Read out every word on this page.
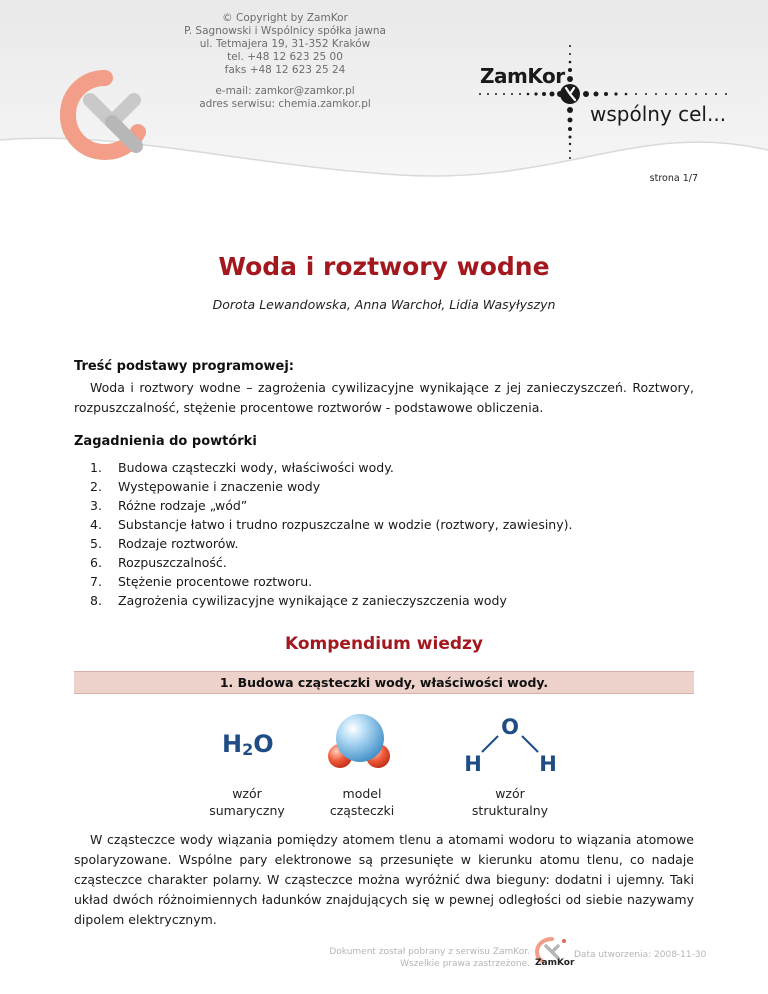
© Copyright by ZamKor
P. Sagnowski i Wspólnicy spółka jawna
ul. Tetmajera 19, 31-352 Kraków
tel. +48 12 623 25 00
faks +48 12 623 25 24
e-mail: zamkor@zamkor.pl
adres serwisu: chemia.zamkor.pl
ZamKor
wspólny cel...
strona 1/7
Woda i roztwory wodne
Dorota Lewandowska, Anna Warchoł, Lidia Wasyłyszyn
Treść podstawy programowej:

Woda i roztwory wodne – zagrożenia cywilizacyjne wynikające z jej zanieczyszczeń. Roztwory, rozpuszczalność, stężenie procentowe roztworów - podstawowe obliczenia.

Zagadnienia do powtórki
1. Budowa cząsteczki wody, właściwości wody.
2. Występowanie i znaczenie wody
3. Różne rodzaje „wód”
4. Substancje łatwo i trudno rozpuszczalne w wodzie (roztwory, zawiesiny).
5. Rodzaje roztworów.
6. Rozpuszczalność.
7. Stężenie procentowe roztworu.
8. Zagrożenia cywilizacyjne wynikające z zanieczyszczenia wody
Kompendium wiedzy
1. Budowa cząsteczki wody, właściwości wody.
$H_2O$
wzór
sumaryczny
model
cząsteczki
O
H	H
wzór
strukturalny

W cząsteczce wody wiązania pomiędzy atomem tlenu a atomami wodoru to wiązania atomowe spolaryzowane. Wspólne pary elektronowe są przesunięte w kierunku atomu tlenu, co nadaje cząsteczce charakter polarny. W cząsteczce można wyróżnić dwa bieguny: dodatni i ujemny. Taki układ dwóch różnoimiennych ładunków znajdujących się w pewnej odległości od siebie nazywamy dipolem elektrycznym.

Dokument został pobrany z serwisu ZamKor.
Wszelkie prawa zastrzeżone. ZamKor
Data utworzenia: 2008-11-30
